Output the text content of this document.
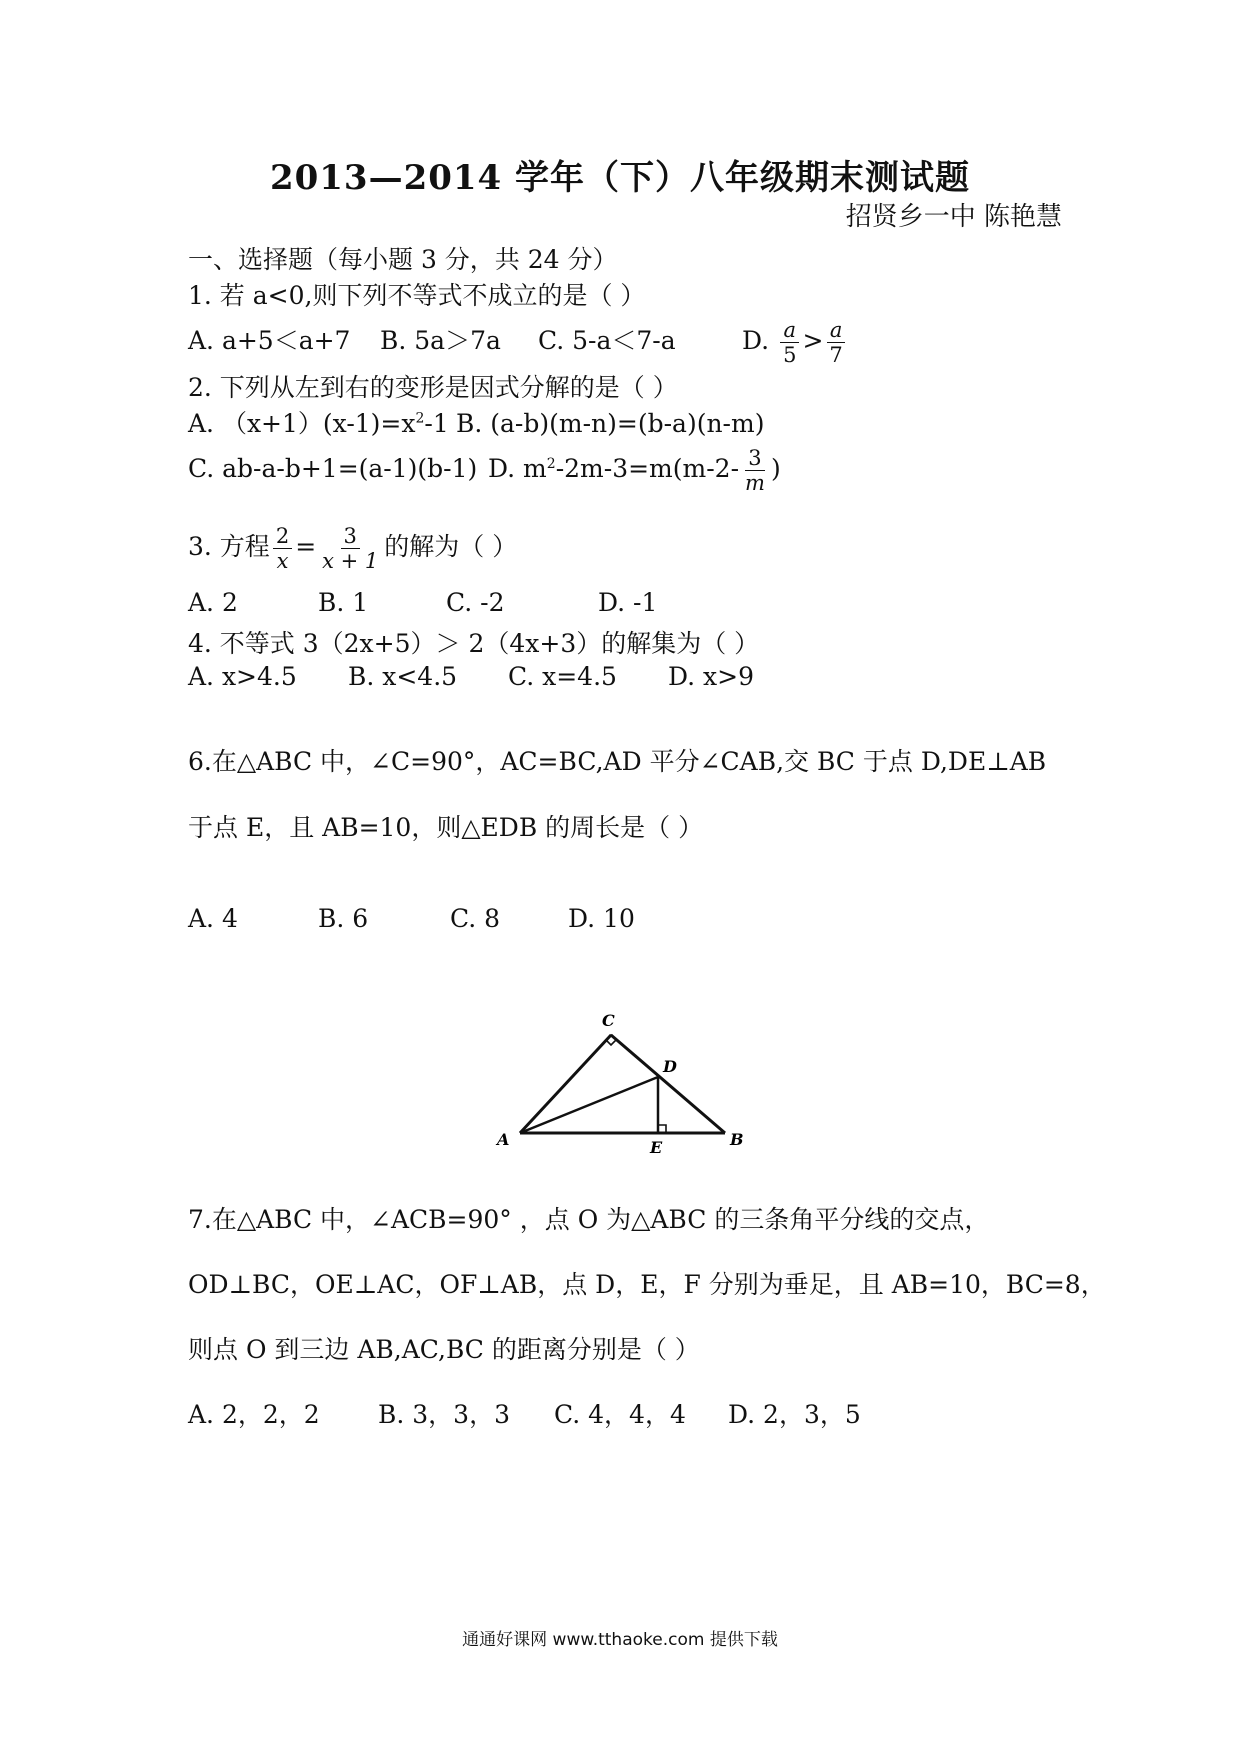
2013—2014 学年（下）八年级期末测试题
招贤乡一中 陈艳慧
一、选择题（每小题 3 分，共 24 分）
1. 若 a<0,则下列不等式不成立的是（ ）
A. a+5＜a+7 B. 5a＞7a C. 5-a＜7-a	D. $\frac{a}{5} > \frac{a}{7}$
2. 下列从左到右的变形是因式分解的是（ ）
A. $(x+1)(x-1)=x^2-1$ B. (a-b)(m-n)=(b-a)(n-m)
C. ab-a-b+1=(a-1)(b-1) D. $m^2-2m-3=m(m-2- \frac{3}{m}$ )
3. 方程 $\frac{2}{x} = \frac{3}{x + 1}$ 的解为（ ）
A. 2	B. 1	C. -2	D. -1
4. 不等式 3（2x+5）＞ 2（4x+3）的解集为（ ）
A. x>4.5 B. x<4.5 C. x=4.5 D. x>9
6.在△ABC 中，∠C=90°，AC=BC,AD 平分∠CAB,交 BC 于点 D,DE⊥AB
于点 E，且 AB=10，则△EDB 的周长是（ ）
A. 4	B. 6	C. 8	D. 10
A	B
C
D
E
7.在△ABC 中，∠ACB=90° ，点 O 为△ABC 的三条角平分线的交点，
OD⊥BC，OE⊥AC，OF⊥AB，点 D，E，F 分别为垂足，且 AB=10，BC=8，
则点 O 到三边 AB,AC,BC 的距离分别是（ ）
A. 2，2，2 B. 3，3，3 C. 4，4，4 D. 2，3，5
通通好课网 www.tthaoke.com 提供下载
